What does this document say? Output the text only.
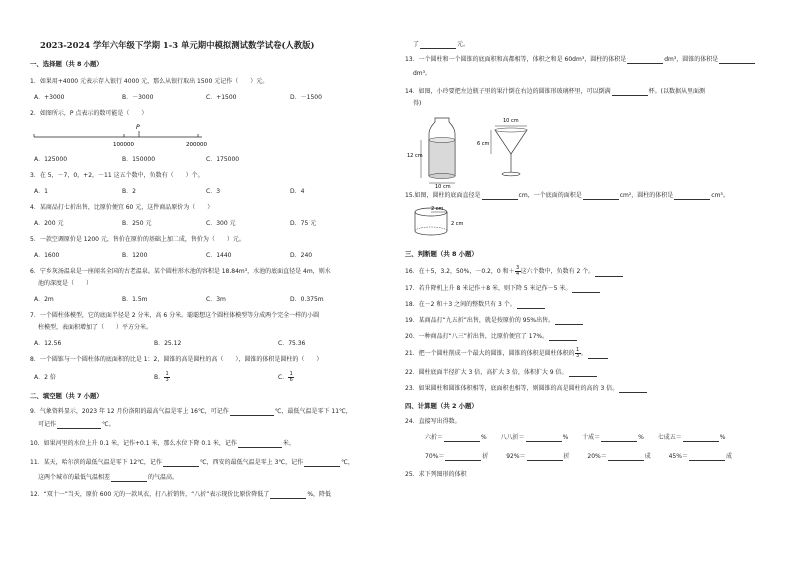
2023-2024 学年六年级下学期 1-3 单元期中模拟测试数学试卷(人教版)
一、选择题（共 8 小题）
1．如果用+4000 元表示存入银行 4000 元，那么从银行取出 1500 元记作（　　）元。
A．+3000	B．－3000	C．+1500	D．－1500
2．如图所示，P 点表示的数可能是（　　）
P
100000	200000
A．125000	B．150000	C．175000
3．在 5，－7，0，+2，－11 这五个数中，负数有（　　）个。
A．1	B．2	C．3	D．4
4．某商品打七折出售，比原价便宜 60 元，这件商品原价为（　　）
A．200 元	B．250 元	C．300 元	D．75 元
5．一款空调原价是 1200 元，售价在原价的基础上加二成，售价为（　　）元。
A．1600	B．1200	C．1440	D．240
6．宁乡灰汤温泉是一座闻名全国的古老温泉。某个圆柱形水池的容积是 18.84m³，水池的底面直径是 4m，则水
池的深度是（　　）
A．2m	B．1.5m	C．3m	D．0.375m
7．一个圆柱体模型，它的底面半径是 2 分米，高 6 分米。聪聪想这个圆柱体模型等分成两个完全一样的小圆
柱模型，表面积增加了（　　）平方分米。
A．12.56	B．25.12	C．75.36
8．一个圆锥与一个圆柱体的底面积的比是 1：2，圆锥的高是圆柱的高（　　），圆锥的体积是圆柱的（　　）
A．2 倍	B． $\frac{1}{3}$	C． $\frac{1}{6}$
二、填空题（共 7 小题）
9．气象资料显示，2023 年 12 月份洛阳的最高气温是零上 16℃，可记作	℃，最低气温是零下 11℃，
可记作	℃。
10．如果河里的水位上升 0.1 米，记作+0.1 米，那么水位下降 0.1 米，记作	米。
11．某天，哈尔滨的最低气温是零下 12℃，记作	℃，西安的最低气温是零上 3℃，记作	℃，
这两个城市的最低气温相差	的气温高。
12．“双十一”当天，原价 600 元的一款风衣，打八折销售，“八折”表示现价比原价降低了	%，降低
了	元。
13．一个圆柱和一个圆锥的底面积和高都相等，体积之和是 60dm³，圆柱的体积是	dm³，圆锥的体积是
dm³。
14．如图，小玲要把左边瓶子里的果汁倒在右边的圆锥形玻璃杯里，可以倒满	杯。(以数据从里面测
得)
12 cm
10 cm
10 cm
6 cm
15.如图，圆柱的底面直径是	cm，一个底面的面积是	cm²，圆柱的体积是	cm³。
2 cm
2 cm
三、判断题（共 8 小题）
16．在＋5，3.2，50%，－0.2，0 和＋ $\frac{3}{4}$ 这六个数中，负数有 2 个。
17．若升降机上升 8 米记作＋8 米，则下降 5 米记作－5 米。
18．在－2 和＋3 之间的整数只有 3 个。
19．某商品打“九五折”出售，就是按原价的 95%出售。
20．一种商品打“八三”折出售，比原价便宜了 17%。
21．把一个圆柱削成一个最大的圆锥，圆锥的体积是圆柱体积的 $\frac{1}{3}$ 。
22．圆柱底面半径扩大 3 倍，高扩大 3 倍，体积扩大 9 倍。
23．如果圆柱和圆锥体积相等，底面积也相等，则圆锥的高是圆柱的高的 3 倍。
四、计算题（共 2 小题）
24．直接写出得数。
六折＝	% 八八折＝	% 十成＝	% 七成五＝	%
70%＝	折	92%＝	折	20%＝	成	45%＝	成
25．求下列图形的体积
